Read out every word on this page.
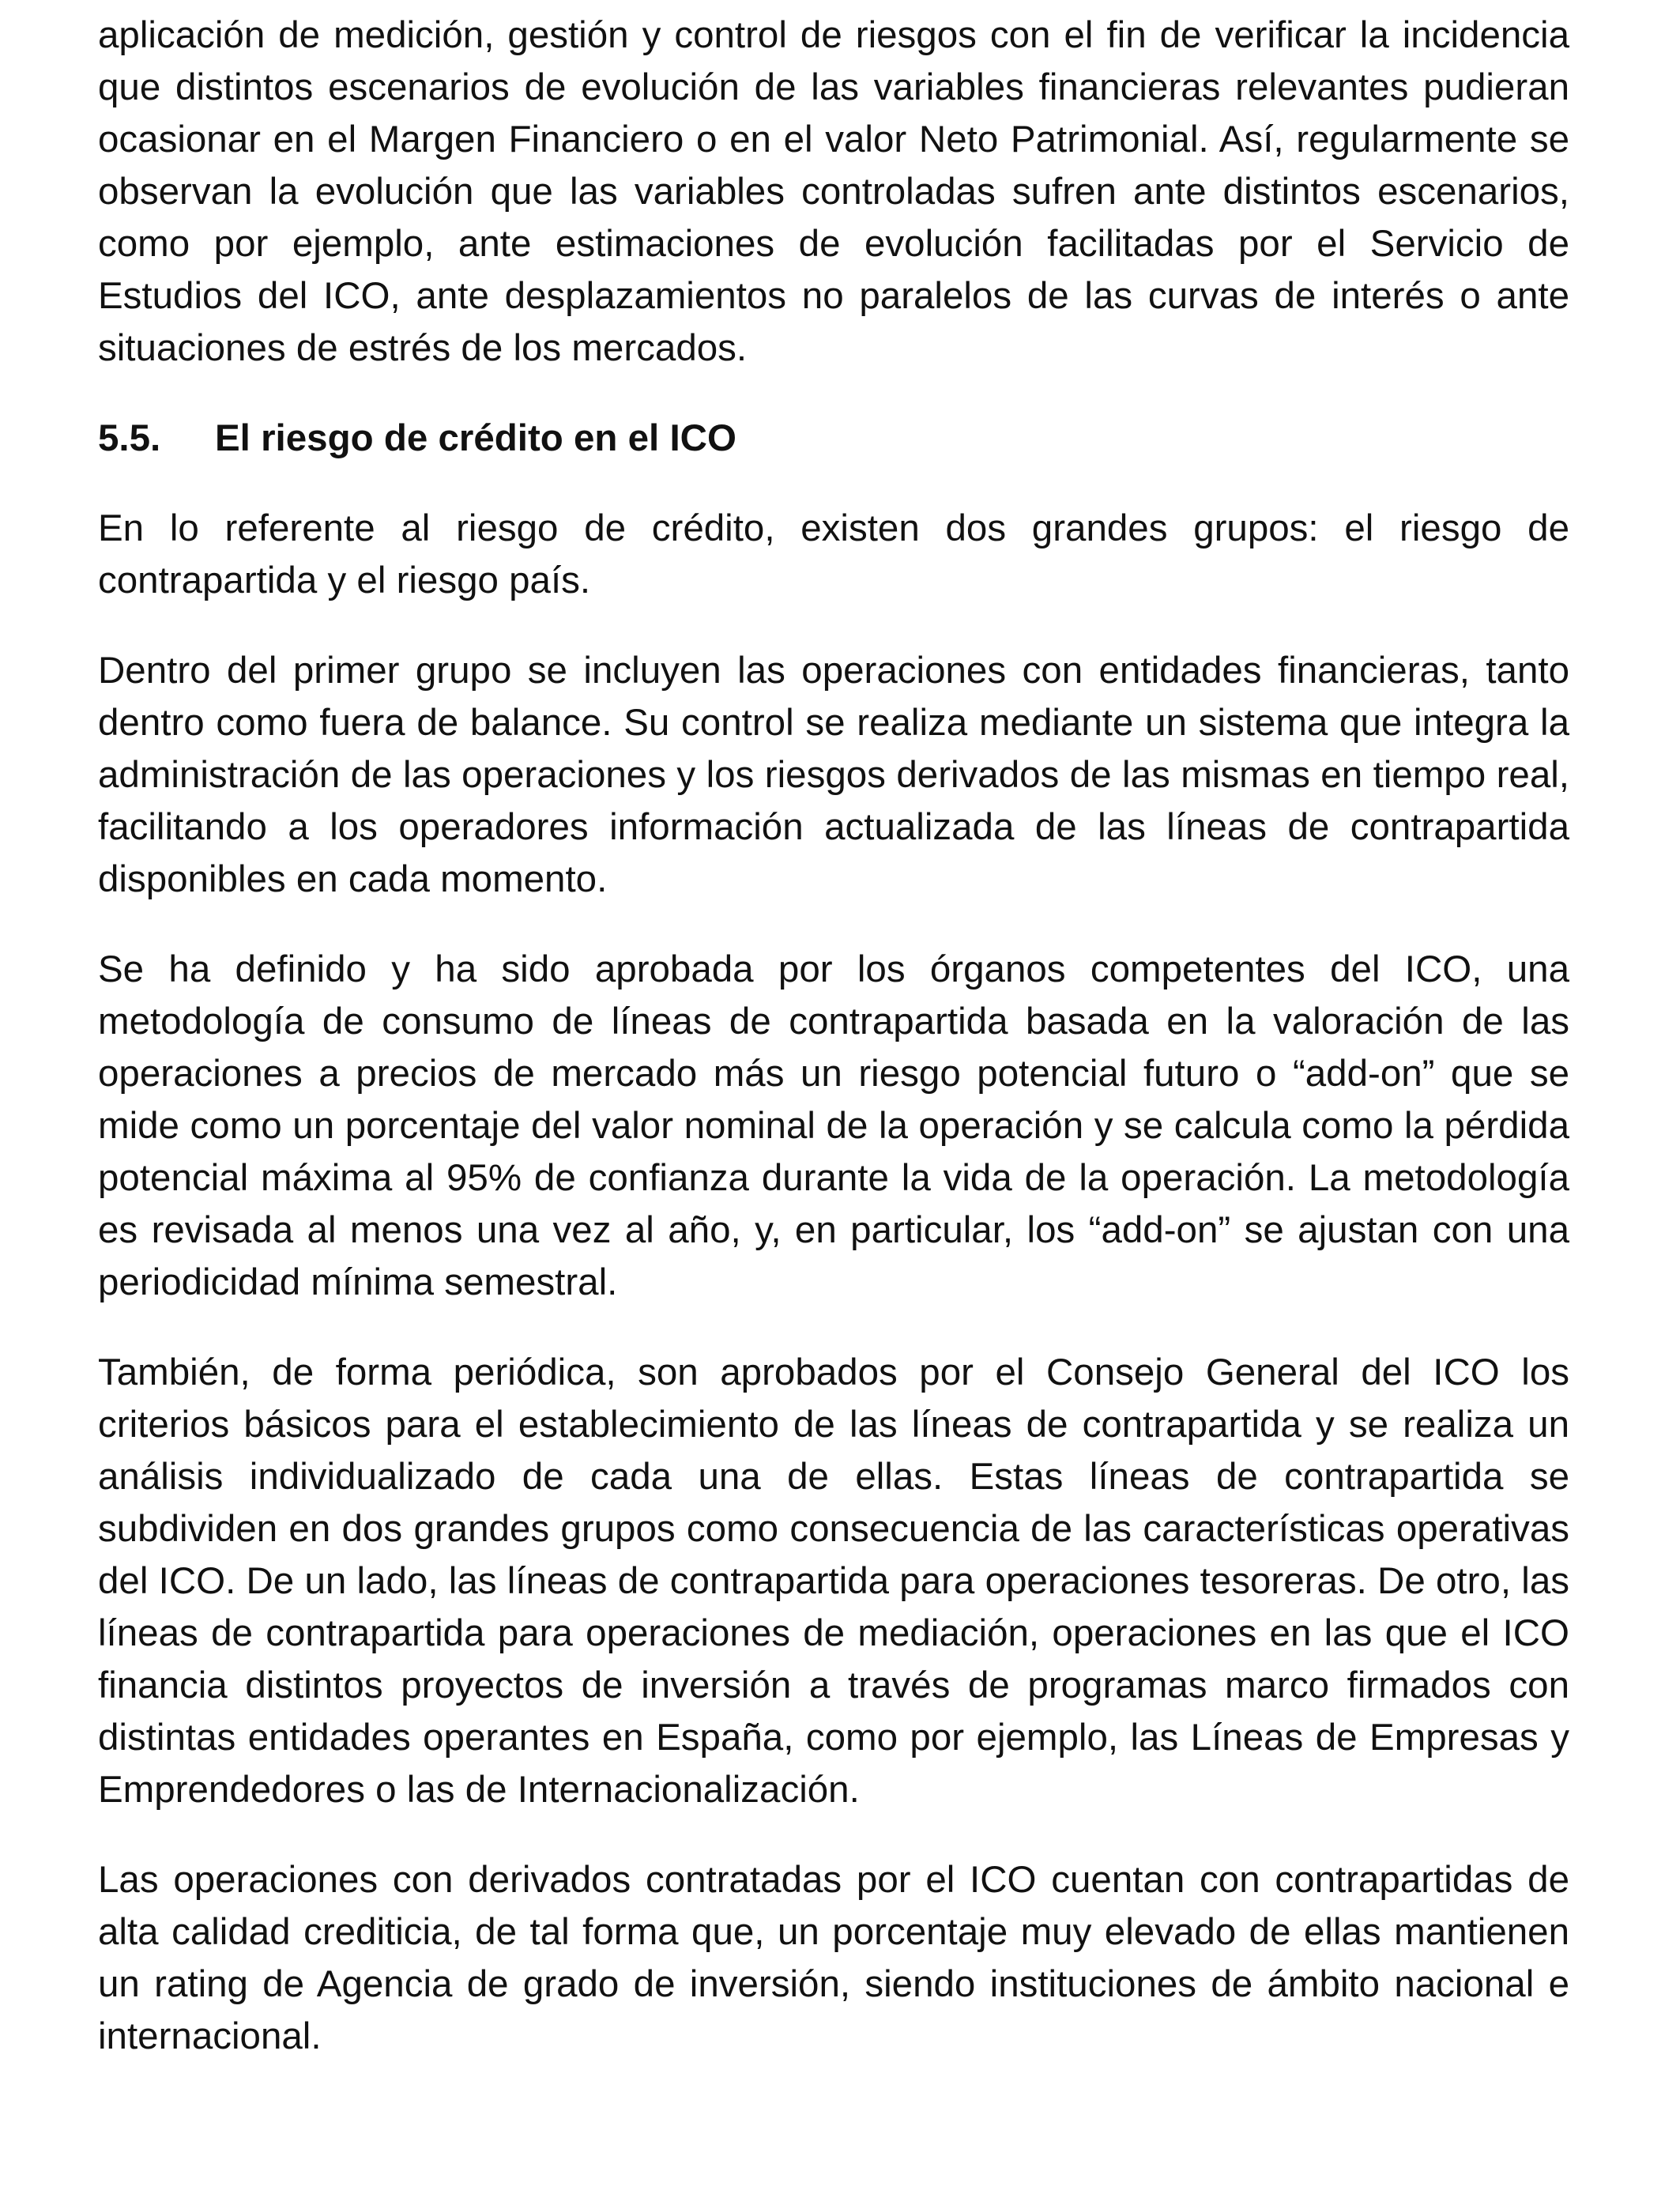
aplicación de medición, gestión y control de riesgos con el fin de verificar la incidencia que distintos escenarios de evolución de las variables financieras relevantes pudieran ocasionar en el Margen Financiero o en el valor Neto Patrimonial. Así, regularmente se observan la evolución que las variables controladas sufren ante distintos escenarios, como por ejemplo, ante estimaciones de evolución facilitadas por el Servicio de Estudios del ICO, ante desplazamientos no paralelos de las curvas de interés o ante situaciones de estrés de los mercados.

5.5.	El riesgo de crédito en el ICO

En lo referente al riesgo de crédito, existen dos grandes grupos: el riesgo de contrapartida y el riesgo país.

Dentro del primer grupo se incluyen las operaciones con entidades financieras, tanto dentro como fuera de balance. Su control se realiza mediante un sistema que integra la administración de las operaciones y los riesgos derivados de las mismas en tiempo real, facilitando a los operadores información actualizada de las líneas de contrapartida disponibles en cada momento.

Se ha definido y ha sido aprobada por los órganos competentes del ICO, una metodología de consumo de líneas de contrapartida basada en la valoración de las operaciones a precios de mercado más un riesgo potencial futuro o “add-on” que se mide como un porcentaje del valor nominal de la operación y se calcula como la pérdida potencial máxima al 95% de confianza durante la vida de la operación. La metodología es revisada al menos una vez al año, y, en particular, los “add-on” se ajustan con una periodicidad mínima semestral.

También, de forma periódica, son aprobados por el Consejo General del ICO los criterios básicos para el establecimiento de las líneas de contrapartida y se realiza un análisis individualizado de cada una de ellas. Estas líneas de contrapartida se subdividen en dos grandes grupos como consecuencia de las características operativas del ICO. De un lado, las líneas de contrapartida para operaciones tesoreras. De otro, las líneas de contrapartida para operaciones de mediación, operaciones en las que el ICO financia distintos proyectos de inversión a través de programas marco firmados con distintas entidades operantes en España, como por ejemplo, las Líneas de Empresas y Emprendedores o las de Internacionalización.

Las operaciones con derivados contratadas por el ICO cuentan con contrapartidas de alta calidad crediticia, de tal forma que, un porcentaje muy elevado de ellas mantienen un rating de Agencia de grado de inversión, siendo instituciones de ámbito nacional e internacional.
